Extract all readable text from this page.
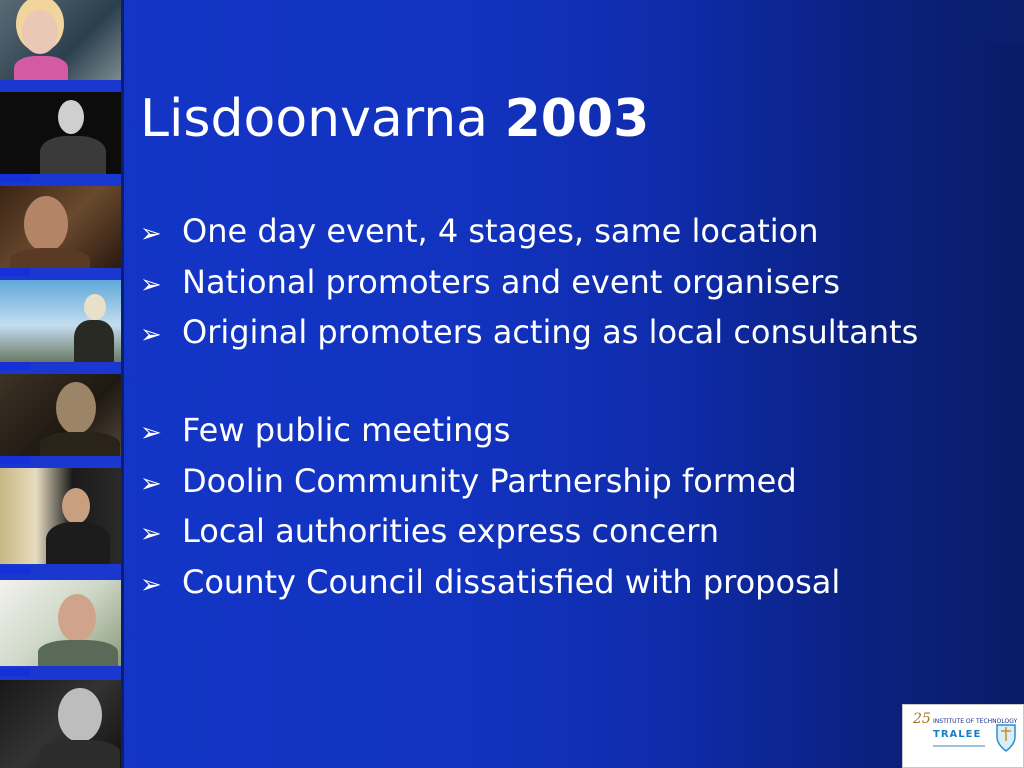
Lisdoonvarna 2003
➢ One day event, 4 stages, same location
➢ National promoters and event organisers
➢ Original promoters acting as local consultants
➢ Few public meetings
➢ Doolin Community Partnership formed
➢ Local authorities express concern
➢ County Council dissatisfied with proposal
25 INSTITUTE OF TECHNOLOGY
TRALEE
